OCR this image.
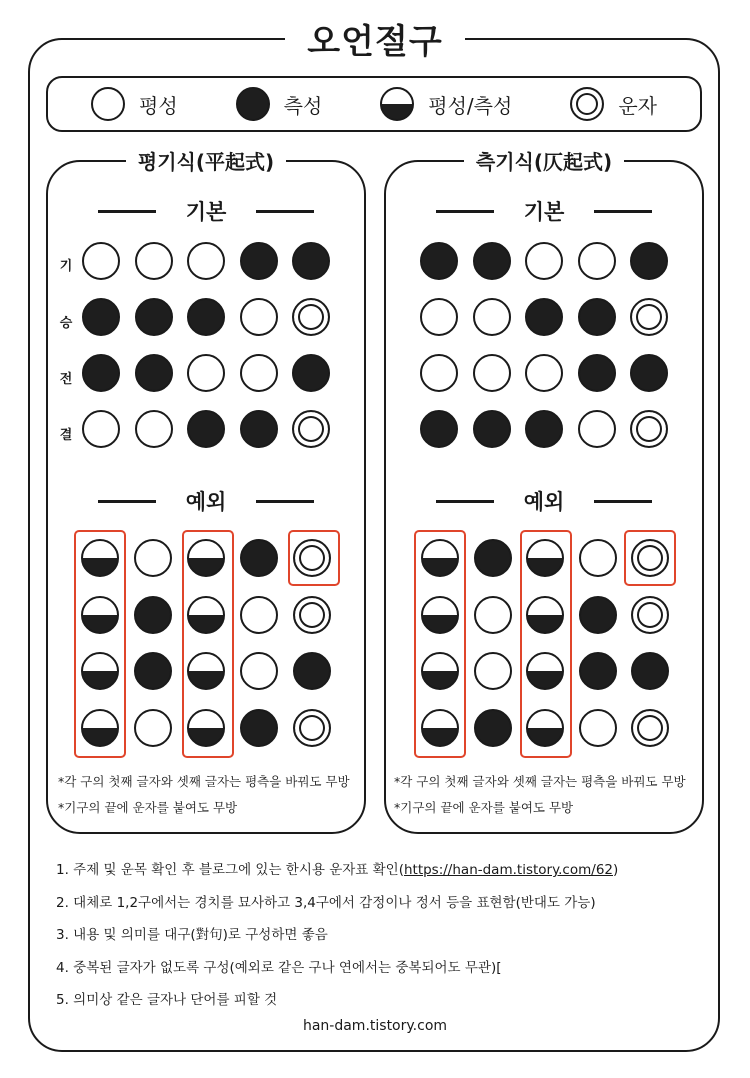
오언절구
평성	측성	평성/측성	운자
평기식(平起式)
기본
기
승
전
결
예외
*각 구의 첫째 글자와 셋째 글자는 평측을 바꿔도 무방
*기구의 끝에 운자를 붙여도 무방
측기식(仄起式)
기본
예외
*각 구의 첫째 글자와 셋째 글자는 평측을 바꿔도 무방
*기구의 끝에 운자를 붙여도 무방
1. 주제 및 운목 확인 후 블로그에 있는 한시용 운자표 확인(https://han-dam.tistory.com/62)
2. 대체로 1,2구에서는 경치를 묘사하고 3,4구에서 감정이나 정서 등을 표현함(반대도 가능)
3. 내용 및 의미를 대구(對句)로 구성하면 좋음
4. 중복된 글자가 없도록 구성(예외로 같은 구나 연에서는 중복되어도 무관)[
5. 의미상 같은 글자나 단어를 피할 것
han-dam.tistory.com
